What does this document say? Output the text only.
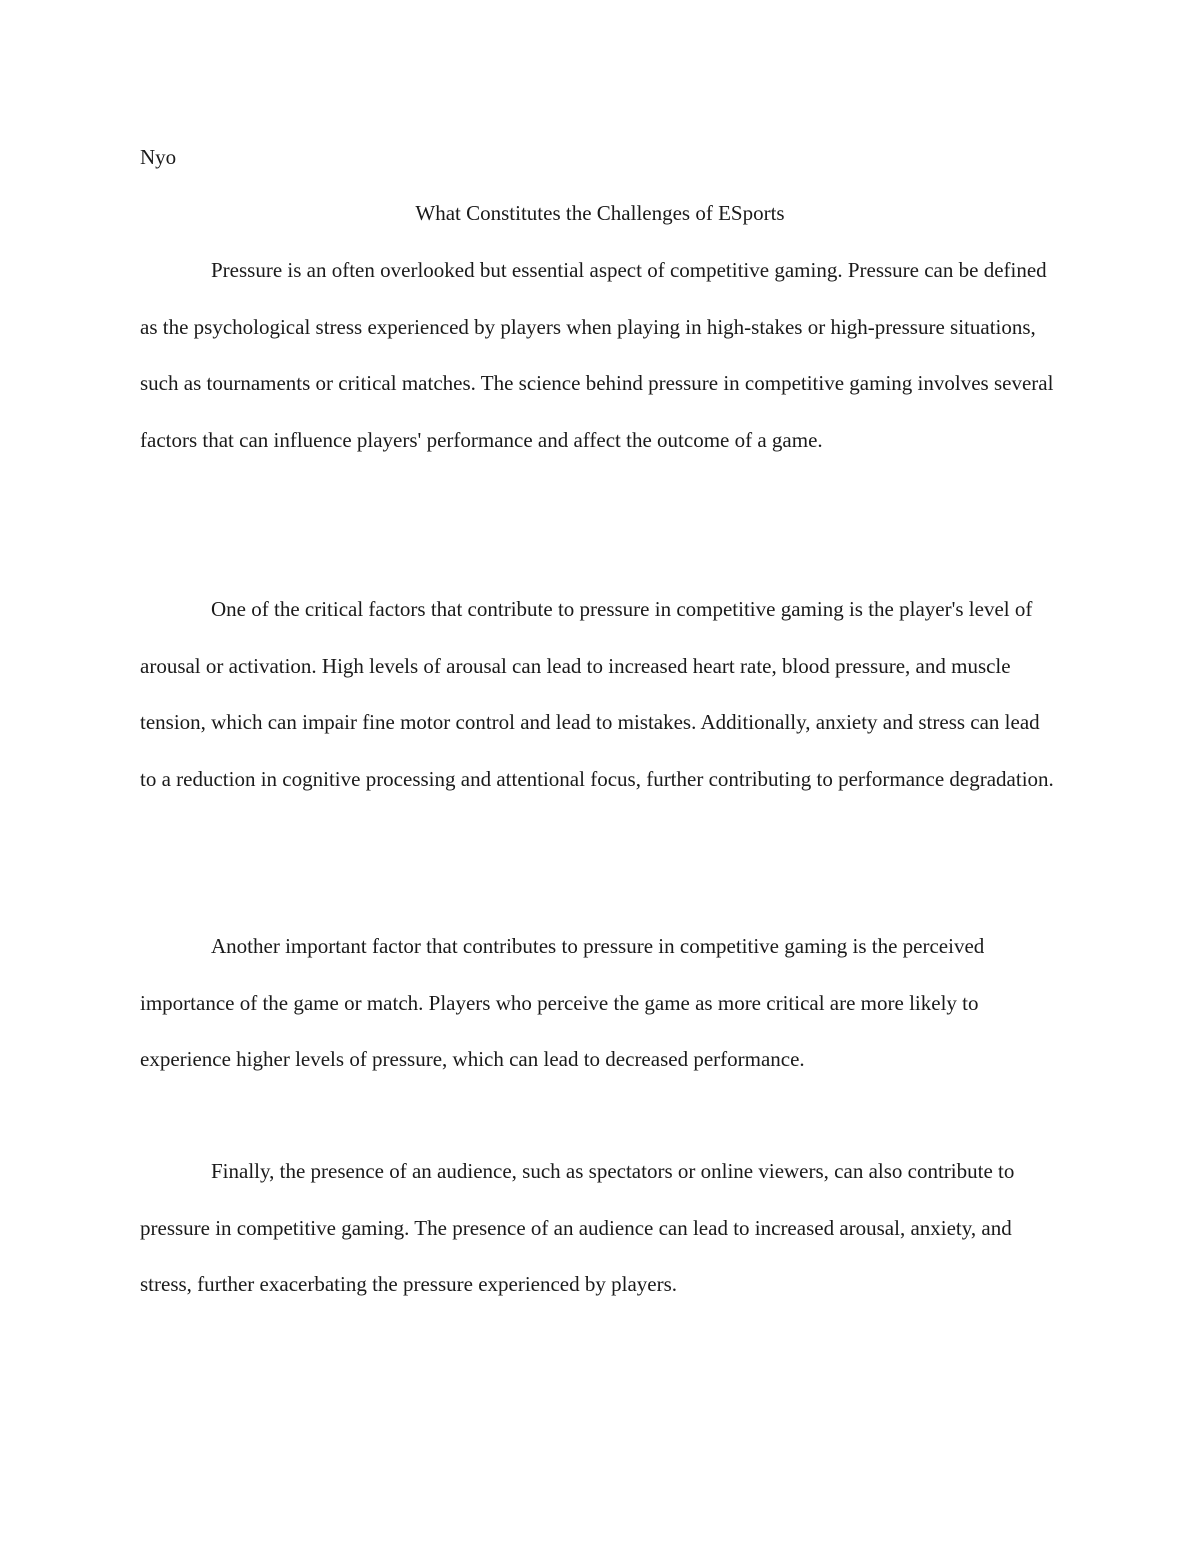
Nyo

What Constitutes the Challenges of ESports

Pressure is an often overlooked but essential aspect of competitive gaming. Pressure can be defined as the psychological stress experienced by players when playing in high-stakes or high-pressure situations, such as tournaments or critical matches. The science behind pressure in competitive gaming involves several factors that can influence players' performance and affect the outcome of a game.

One of the critical factors that contribute to pressure in competitive gaming is the player's level of arousal or activation. High levels of arousal can lead to increased heart rate, blood pressure, and muscle tension, which can impair fine motor control and lead to mistakes. Additionally, anxiety and stress can lead to a reduction in cognitive processing and attentional focus, further contributing to performance degradation.

Another important factor that contributes to pressure in competitive gaming is the perceived importance of the game or match. Players who perceive the game as more critical are more likely to experience higher levels of pressure, which can lead to decreased performance.

Finally, the presence of an audience, such as spectators or online viewers, can also contribute to pressure in competitive gaming. The presence of an audience can lead to increased arousal, anxiety, and stress, further exacerbating the pressure experienced by players.
